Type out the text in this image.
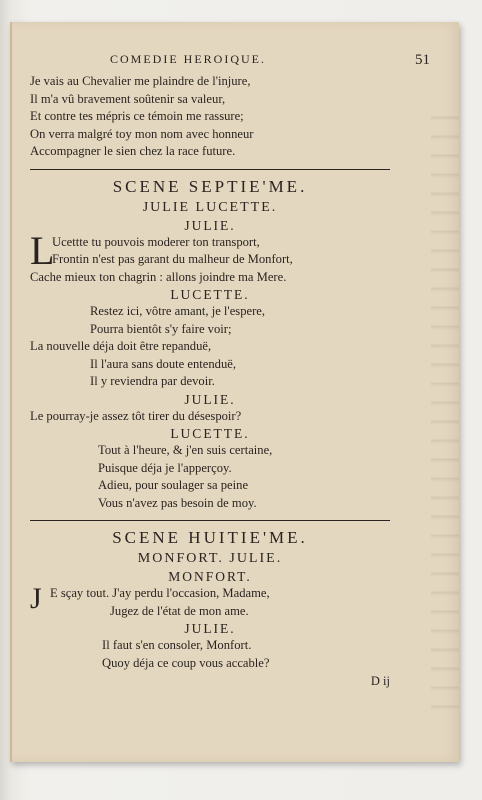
COMEDIE HEROIQUE.	51
Je vais au Chevalier me plaindre de l'injure,
Il m'a vû bravement soûtenir sa valeur,
Et contre tes mépris ce témoin me rassure;
On verra malgré toy mon nom avec honneur
Accompagner le sien chez la race future.
SCENE SEPTIE'ME.
JULIE LUCETTE.
JULIE.
L
Ucettte tu pouvois moderer ton transport,
Frontin n'est pas garant du malheur de Monfort,
Cache mieux ton chagrin : allons joindre ma Mere.
LUCETTE.
Restez ici, vôtre amant, je l'espere,
Pourra bientôt s'y faire voir;
La nouvelle déja doit être repanduë,
Il l'aura sans doute entenduë,
Il y reviendra par devoir.
JULIE.
Le pourray-je assez tôt tirer du désespoir?
LUCETTE.
Tout à l'heure, & j'en suis certaine,
Puisque déja je l'apperçoy.
Adieu, pour soulager sa peine
Vous n'avez pas besoin de moy.
SCENE HUITIE'ME.
MONFORT. JULIE.
MONFORT.
J E sçay tout. J'ay perdu l'occasion, Madame,
Jugez de l'état de mon ame.
JULIE.
Il faut s'en consoler, Monfort.
Quoy déja ce coup vous accable?
D ij
